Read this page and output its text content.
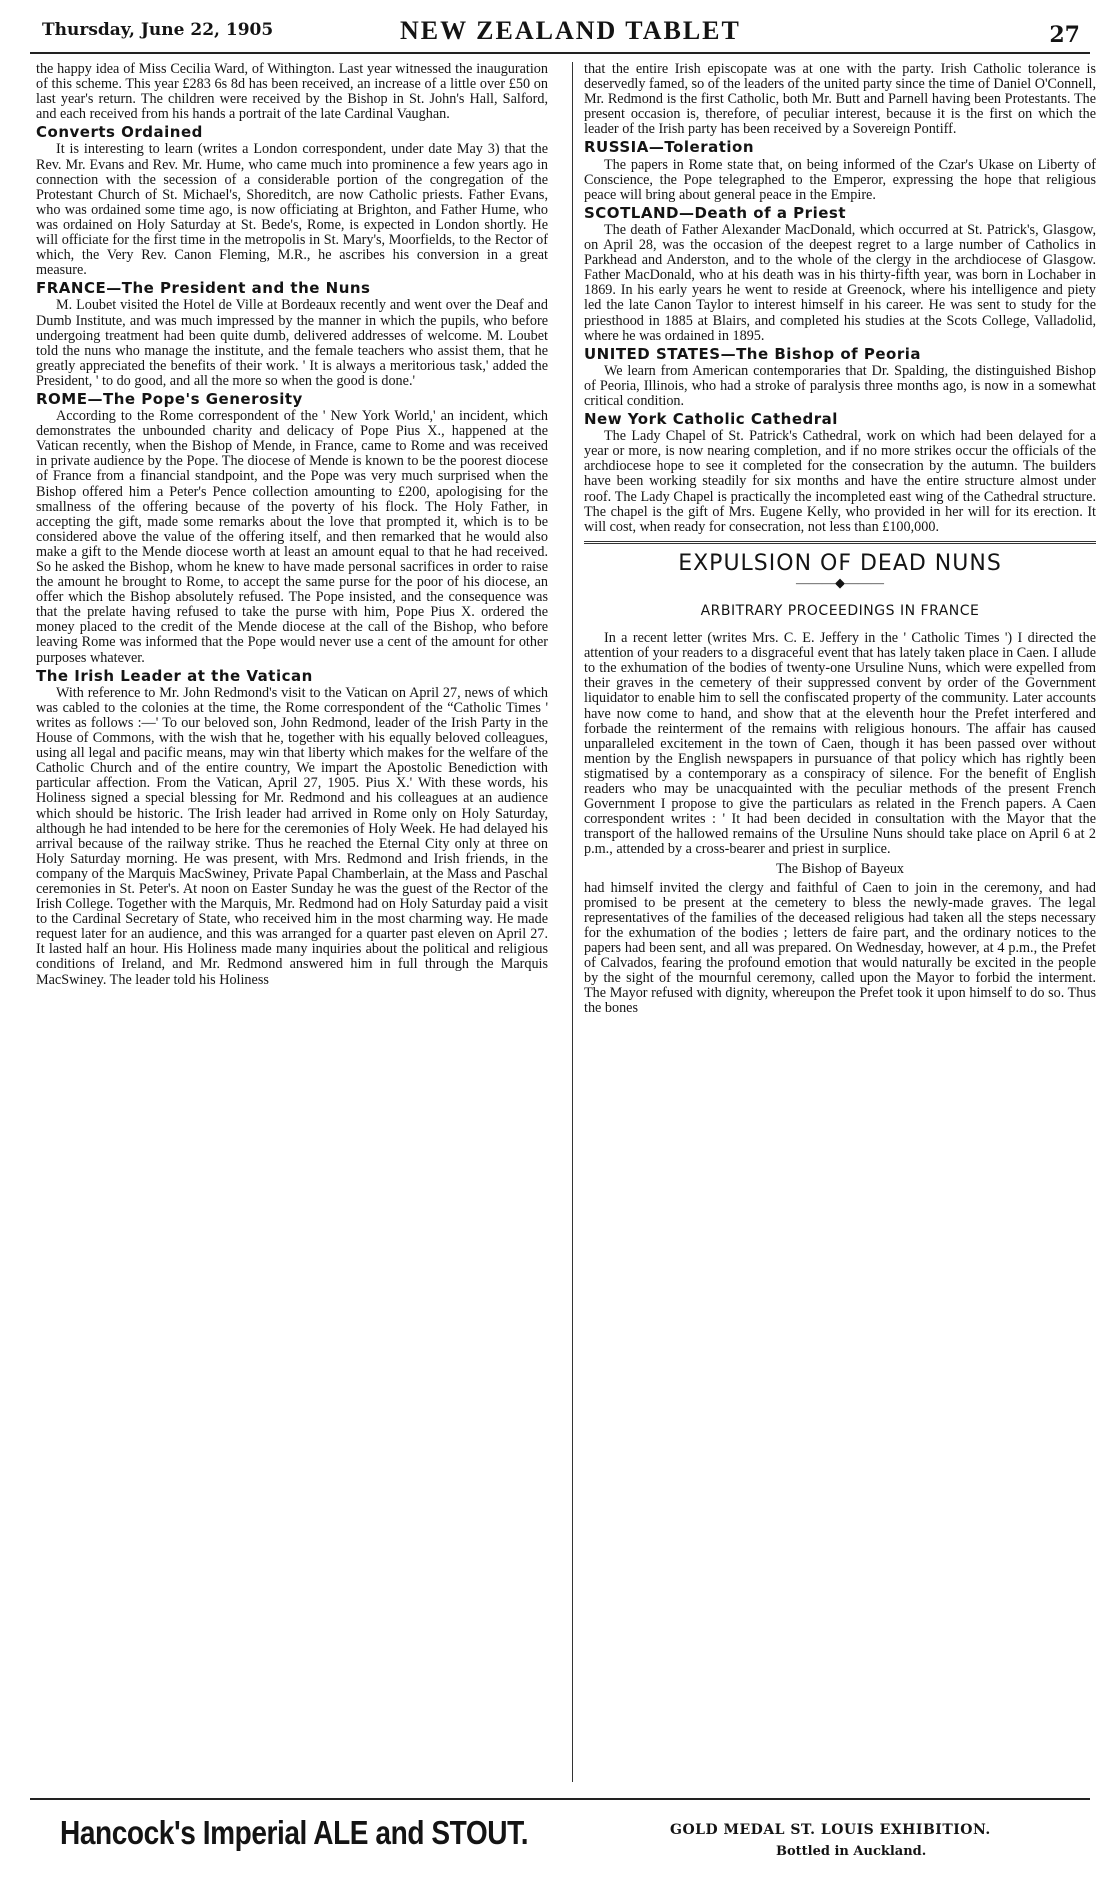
Thursday, June 22, 1905	NEW ZEALAND TABLET	27

the happy idea of Miss Cecilia Ward, of Withington. Last year witnessed the inauguration of this scheme. This year £283 6s 8d has been received, an increase of a little over £50 on last year's return. The children were received by the Bishop in St. John's Hall, Salford, and each received from his hands a portrait of the late Cardinal Vaughan.

Converts Ordained

It is interesting to learn (writes a London correspondent, under date May 3) that the Rev. Mr. Evans and Rev. Mr. Hume, who came much into prominence a few years ago in connection with the secession of a considerable portion of the congregation of the Protestant Church of St. Michael's, Shoreditch, are now Catholic priests. Father Evans, who was ordained some time ago, is now officiating at Brighton, and Father Hume, who was ordained on Holy Saturday at St. Bede's, Rome, is expected in London shortly. He will officiate for the first time in the metropolis in St. Mary's, Moorfields, to the Rector of which, the Very Rev. Canon Fleming, M.R., he ascribes his conversion in a great measure.

FRANCE—The President and the Nuns

M. Loubet visited the Hotel de Ville at Bordeaux recently and went over the Deaf and Dumb Institute, and was much impressed by the manner in which the pupils, who before undergoing treatment had been quite dumb, delivered addresses of welcome. M. Loubet told the nuns who manage the institute, and the female teachers who assist them, that he greatly appreciated the benefits of their work. ' It is always a meritorious task,' added the President, ' to do good, and all the more so when the good is done.'

ROME—The Pope's Generosity

According to the Rome correspondent of the ' New York World,' an incident, which demonstrates the unbounded charity and delicacy of Pope Pius X., happened at the Vatican recently, when the Bishop of Mende, in France, came to Rome and was received in private audience by the Pope. The diocese of Mende is known to be the poorest diocese of France from a financial standpoint, and the Pope was very much surprised when the Bishop offered him a Peter's Pence collection amounting to £200, apologising for the smallness of the offering because of the poverty of his flock. The Holy Father, in accepting the gift, made some remarks about the love that prompted it, which is to be considered above the value of the offering itself, and then remarked that he would also make a gift to the Mende diocese worth at least an amount equal to that he had received. So he asked the Bishop, whom he knew to have made personal sacrifices in order to raise the amount he brought to Rome, to accept the same purse for the poor of his diocese, an offer which the Bishop absolutely refused. The Pope insisted, and the consequence was that the prelate having refused to take the purse with him, Pope Pius X. ordered the money placed to the credit of the Mende diocese at the call of the Bishop, who before leaving Rome was informed that the Pope would never use a cent of the amount for other purposes whatever.

The Irish Leader at the Vatican

With reference to Mr. John Redmond's visit to the Vatican on April 27, news of which was cabled to the colonies at the time, the Rome correspondent of the “Catholic Times ' writes as follows :—' To our beloved son, John Redmond, leader of the Irish Party in the House of Commons, with the wish that he, together with his equally beloved colleagues, using all legal and pacific means, may win that liberty which makes for the welfare of the Catholic Church and of the entire country, We impart the Apostolic Benediction with particular affection. From the Vatican, April 27, 1905. Pius X.' With these words, his Holiness signed a special blessing for Mr. Redmond and his colleagues at an audience which should be historic. The Irish leader had arrived in Rome only on Holy Saturday, although he had intended to be here for the ceremonies of Holy Week. He had delayed his arrival because of the railway strike. Thus he reached the Eternal City only at three on Holy Saturday morning. He was present, with Mrs. Redmond and Irish friends, in the company of the Marquis MacSwiney, Private Papal Chamberlain, at the Mass and Paschal ceremonies in St. Peter's. At noon on Easter Sunday he was the guest of the Rector of the Irish College. Together with the Marquis, Mr. Redmond had on Holy Saturday paid a visit to the Cardinal Secretary of State, who received him in the most charming way. He made request later for an audience, and this was arranged for a quarter past eleven on April 27. It lasted half an hour. His Holiness made many inquiries about the political and religious conditions of Ireland, and Mr. Redmond answered him in full through the Marquis MacSwiney. The leader told his Holiness

that the entire Irish episcopate was at one with the party. Irish Catholic tolerance is deservedly famed, so of the leaders of the united party since the time of Daniel O'Connell, Mr. Redmond is the first Catholic, both Mr. Butt and Parnell having been Protestants. The present occasion is, therefore, of peculiar interest, because it is the first on which the leader of the Irish party has been received by a Sovereign Pontiff.

RUSSIA—Toleration

The papers in Rome state that, on being informed of the Czar's Ukase on Liberty of Conscience, the Pope telegraphed to the Emperor, expressing the hope that religious peace will bring about general peace in the Empire.

SCOTLAND—Death of a Priest

The death of Father Alexander MacDonald, which occurred at St. Patrick's, Glasgow, on April 28, was the occasion of the deepest regret to a large number of Catholics in Parkhead and Anderston, and to the whole of the clergy in the archdiocese of Glasgow. Father MacDonald, who at his death was in his thirty-fifth year, was born in Lochaber in 1869. In his early years he went to reside at Greenock, where his intelligence and piety led the late Canon Taylor to interest himself in his career. He was sent to study for the priesthood in 1885 at Blairs, and completed his studies at the Scots College, Valladolid, where he was ordained in 1895.

UNITED STATES—The Bishop of Peoria

We learn from American contemporaries that Dr. Spalding, the distinguished Bishop of Peoria, Illinois, who had a stroke of paralysis three months ago, is now in a somewhat critical condition.

New York Catholic Cathedral

The Lady Chapel of St. Patrick's Cathedral, work on which had been delayed for a year or more, is now nearing completion, and if no more strikes occur the officials of the archdiocese hope to see it completed for the consecration by the autumn. The builders have been working steadily for six months and have the entire structure almost under roof. The Lady Chapel is practically the incompleted east wing of the Cathedral structure. The chapel is the gift of Mrs. Eugene Kelly, who provided in her will for its erection. It will cost, when ready for consecration, not less than £100,000.

EXPULSION OF DEAD NUNS
———◆———
ARBITRARY PROCEEDINGS IN FRANCE

In a recent letter (writes Mrs. C. E. Jeffery in the ' Catholic Times ') I directed the attention of your readers to a disgraceful event that has lately taken place in Caen. I allude to the exhumation of the bodies of twenty-one Ursuline Nuns, which were expelled from their graves in the cemetery of their suppressed convent by order of the Government liquidator to enable him to sell the confiscated property of the community. Later accounts have now come to hand, and show that at the eleventh hour the Prefet interfered and forbade the reinterment of the remains with religious honours. The affair has caused unparalleled excitement in the town of Caen, though it has been passed over without mention by the English newspapers in pursuance of that policy which has rightly been stigmatised by a contemporary as a conspiracy of silence. For the benefit of English readers who may be unacquainted with the peculiar methods of the present French Government I propose to give the particulars as related in the French papers. A Caen correspondent writes : ' It had been decided in consultation with the Mayor that the transport of the hallowed remains of the Ursuline Nuns should take place on April 6 at 2 p.m., attended by a cross-bearer and priest in surplice.

The Bishop of Bayeux

had himself invited the clergy and faithful of Caen to join in the ceremony, and had promised to be present at the cemetery to bless the newly-made graves. The legal representatives of the families of the deceased religious had taken all the steps necessary for the exhumation of the bodies ; letters de faire part, and the ordinary notices to the papers had been sent, and all was prepared. On Wednesday, however, at 4 p.m., the Prefet of Calvados, fearing the profound emotion that would naturally be excited in the people by the sight of the mournful ceremony, called upon the Mayor to forbid the interment. The Mayor refused with dignity, whereupon the Prefet took it upon himself to do so. Thus the bones

Hancock's Imperial ALE and STOUT.	GOLD MEDAL ST. LOUIS EXHIBITION.
Bottled in Auckland.
